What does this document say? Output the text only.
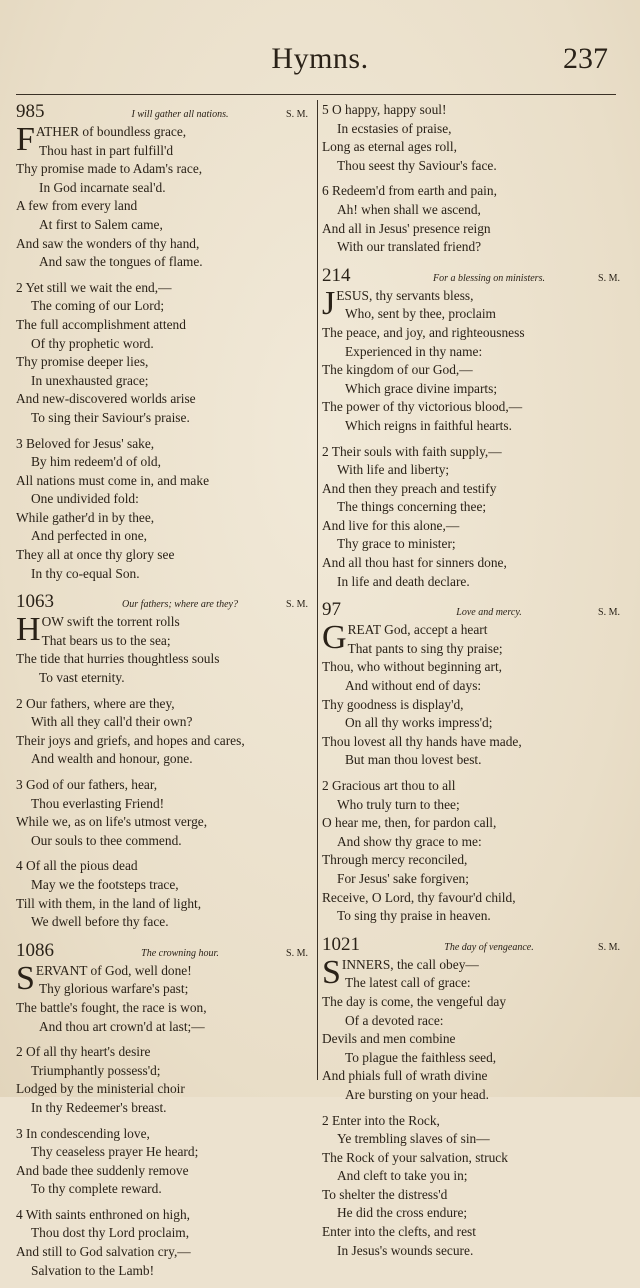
Hymns.	237
985	I will gather all nations.	S. M.
F ATHER of boundless grace,
Thou hast in part fulfill'd
Thy promise made to Adam's race,
In God incarnate seal'd.
A few from every land
At first to Salem came,
And saw the wonders of thy hand,
And saw the tongues of flame.
2 Yet still we wait the end,—
The coming of our Lord;
The full accomplishment attend
Of thy prophetic word.
Thy promise deeper lies,
In unexhausted grace;
And new-discovered worlds arise
To sing their Saviour's praise.
3 Beloved for Jesus' sake,
By him redeem'd of old,
All nations must come in, and make
One undivided fold:
While gather'd in by thee,
And perfected in one,
They all at once thy glory see
In thy co-equal Son.
1063	Our fathers; where are they?	S. M.
H OW swift the torrent rolls
That bears us to the sea;
The tide that hurries thoughtless souls
To vast eternity.
2 Our fathers, where are they,
With all they call'd their own?
Their joys and griefs, and hopes and cares,
And wealth and honour, gone.
3 God of our fathers, hear,
Thou everlasting Friend!
While we, as on life's utmost verge,
Our souls to thee commend.
4 Of all the pious dead
May we the footsteps trace,
Till with them, in the land of light,
We dwell before thy face.
1086	The crowning hour.	S. M.
S ERVANT of God, well done!
Thy glorious warfare's past;
The battle's fought, the race is won,
And thou art crown'd at last;—
2 Of all thy heart's desire
Triumphantly possess'd;
Lodged by the ministerial choir
In thy Redeemer's breast.
3 In condescending love,
Thy ceaseless prayer He heard;
And bade thee suddenly remove
To thy complete reward.
4 With saints enthroned on high,
Thou dost thy Lord proclaim,
And still to God salvation cry,—
Salvation to the Lamb!
5 O happy, happy soul!
In ecstasies of praise,
Long as eternal ages roll,
Thou seest thy Saviour's face.
6 Redeem'd from earth and pain,
Ah! when shall we ascend,
And all in Jesus' presence reign
With our translated friend?
214	For a blessing on ministers.	S. M.
J ESUS, thy servants bless,
Who, sent by thee, proclaim
The peace, and joy, and righteousness
Experienced in thy name:
The kingdom of our God,—
Which grace divine imparts;
The power of thy victorious blood,—
Which reigns in faithful hearts.
2 Their souls with faith supply,—
With life and liberty;
And then they preach and testify
The things concerning thee;
And live for this alone,—
Thy grace to minister;
And all thou hast for sinners done,
In life and death declare.
97	Love and mercy.	S. M.
G REAT God, accept a heart
That pants to sing thy praise;
Thou, who without beginning art,
And without end of days:
Thy goodness is display'd,
On all thy works impress'd;
Thou lovest all thy hands have made,
But man thou lovest best.
2 Gracious art thou to all
Who truly turn to thee;
O hear me, then, for pardon call,
And show thy grace to me:
Through mercy reconciled,
For Jesus' sake forgiven;
Receive, O Lord, thy favour'd child,
To sing thy praise in heaven.
1021	The day of vengeance.	S. M.
S INNERS, the call obey—
The latest call of grace:
The day is come, the vengeful day
Of a devoted race:
Devils and men combine
To plague the faithless seed,
And phials full of wrath divine
Are bursting on your head.
2 Enter into the Rock,
Ye trembling slaves of sin—
The Rock of your salvation, struck
And cleft to take you in;
To shelter the distress'd
He did the cross endure;
Enter into the clefts, and rest
In Jesus's wounds secure.
